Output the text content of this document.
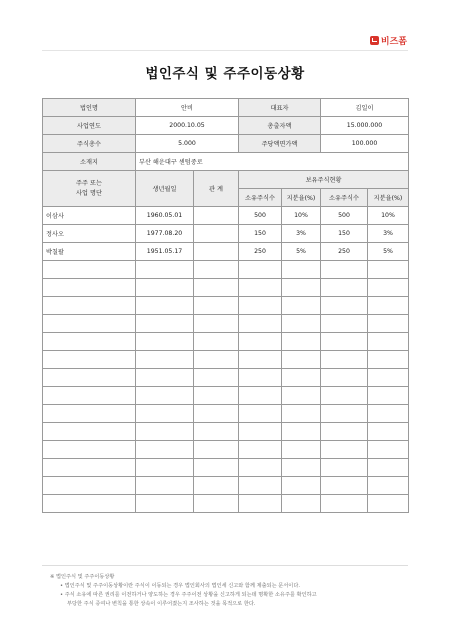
비즈폼
법인주식 및 주주이동상황
법인명	안비		대표자		김일이	
사업연도	2000.10.05		총출자액		15.000.000	
주식총수	5.000		주당액면가액		100.000	
소재지	부산 해운대구 센텀중로					
주주 또는
사업 명단	생년월일	관 계	보유주식현황			
			소유주식수	지분율(%)	소유주식수	지분율(%)
이삼사	1960.05.01		500	10%	500	10%
정사오	1977.08.20		150	3%	150	3%
박칠팔	1951.05.17		250	5%	250	5%

※ 법인주식 및 주주이동상황
• 법인주식 및 주주이동상황이란 주식이 이동되는 경우 법인회사의 법인세 신고와 함께 제출되는 문서이다.
• 주식 소유에 따른 권리를 이전하거나 양도하는 경우 주주이전 상황을 신고하게 되는데 명확한 소유주를 확인하고
부당한 주식 증여나 변칙을 통한 상속이 이루어졌는지 조사하는 것을 목적으로 한다.
